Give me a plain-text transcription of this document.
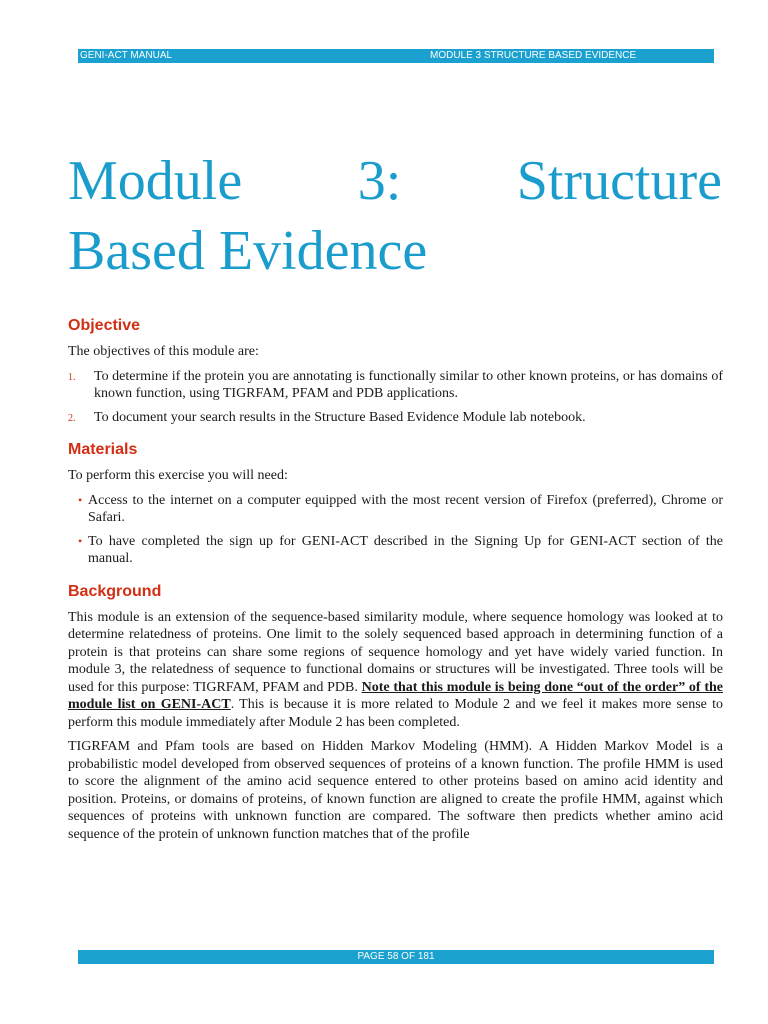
GENI-ACT MANUAL	MODULE 3 STRUCTURE BASED EVIDENCE
Module 3: Structure
Based Evidence
Objective

The objectives of this module are:

1. To determine if the protein you are annotating is functionally similar to other known proteins, or has domains of known function, using TIGRFAM, PFAM and PDB applications.
2. To document your search results in the Structure Based Evidence Module lab notebook.
Materials

To perform this exercise you will need:

• Access to the internet on a computer equipped with the most recent version of Firefox (preferred), Chrome or Safari.
• To have completed the sign up for GENI-ACT described in the Signing Up for GENI-ACT section of the manual.
Background

This module is an extension of the sequence-based similarity module, where sequence homology was looked at to determine relatedness of proteins. One limit to the solely sequenced based approach in determining function of a protein is that proteins can share some regions of sequence homology and yet have widely varied function. In module 3, the relatedness of sequence to functional domains or structures will be investigated. Three tools will be used for this purpose: TIGRFAM, PFAM and PDB. Note that this module is being done “out of the order” of the module list on GENI-ACT. This is because it is more related to Module 2 and we feel it makes more sense to perform this module immediately after Module 2 has been completed.

TIGRFAM and Pfam tools are based on Hidden Markov Modeling (HMM). A Hidden Markov Model is a probabilistic model developed from observed sequences of proteins of a known function. The profile HMM is used to score the alignment of the amino acid sequence entered to other proteins based on amino acid identity and position. Proteins, or domains of proteins, of known function are aligned to create the profile HMM, against which sequences of proteins with unknown function are compared. The software then predicts whether amino acid sequence of the protein of unknown function matches that of the profile

PAGE 58 OF 181
